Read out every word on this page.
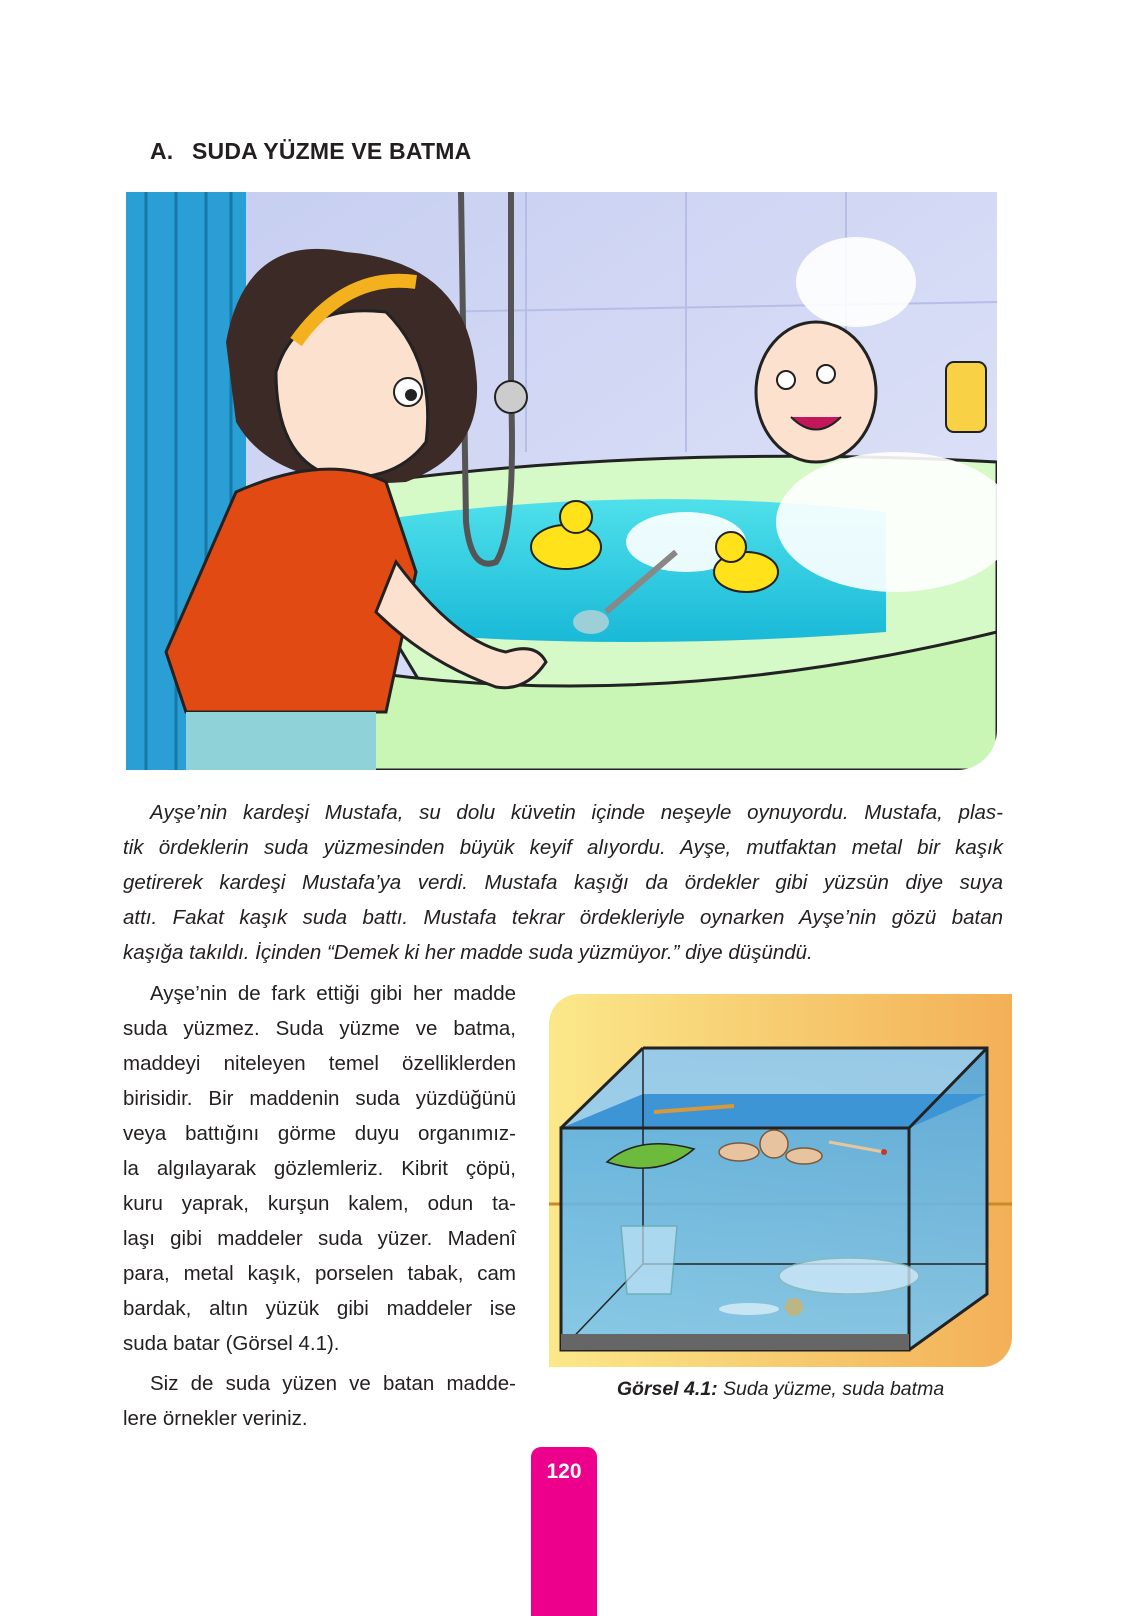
A. SUDA YÜZME VE BATMA
Ayşe’nin kardeşi Mustafa, su dolu küvetin içinde neşeyle oynuyordu. Mustafa, plas-
tik ördeklerin suda yüzmesinden büyük keyif alıyordu. Ayşe, mutfaktan metal bir kaşık
getirerek kardeşi Mustafa’ya verdi. Mustafa kaşığı da ördekler gibi yüzsün diye suya
attı. Fakat kaşık suda battı. Mustafa tekrar ördekleriyle oynarken Ayşe’nin gözü batan
kaşığa takıldı. İçinden “Demek ki her madde suda yüzmüyor.” diye düşündü.

Ayşe’nin de fark ettiği gibi her madde
suda yüzmez. Suda yüzme ve batma,
maddeyi niteleyen temel özelliklerden
birisidir. Bir maddenin suda yüzdüğünü
veya battığını görme duyu organımız-
la algılayarak gözlemleriz. Kibrit çöpü,
kuru yaprak, kurşun kalem, odun ta-
laşı gibi maddeler suda yüzer. Madenî
para, metal kaşık, porselen tabak, cam
bardak, altın yüzük gibi maddeler ise
suda batar (Görsel 4.1).

Siz de suda yüzen ve batan madde-
lere örnekler veriniz.

Görsel 4.1: Suda yüzme, suda batma
120
